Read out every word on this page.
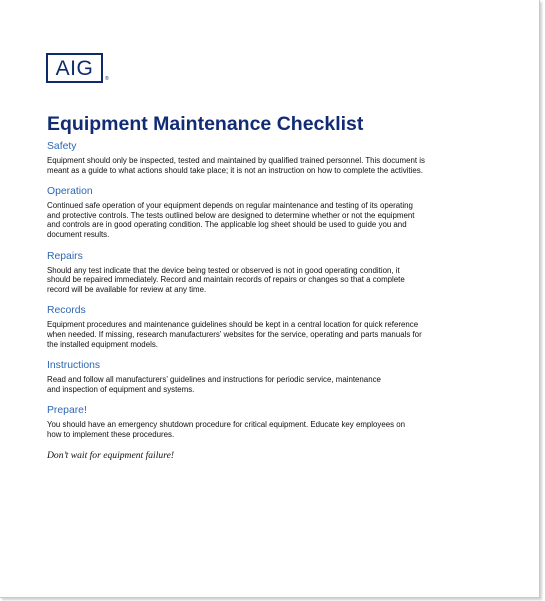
AIG ®
Equipment Maintenance Checklist
Safety
Equipment should only be inspected, tested and maintained by qualified trained personnel. This document is
meant as a guide to what actions should take place; it is not an instruction on how to complete the activities.
Operation
Continued safe operation of your equipment depends on regular maintenance and testing of its operating
and protective controls. The tests outlined below are designed to determine whether or not the equipment
and controls are in good operating condition. The applicable log sheet should be used to guide you and
document results.
Repairs
Should any test indicate that the device being tested or observed is not in good operating condition, it
should be repaired immediately. Record and maintain records of repairs or changes so that a complete
record will be available for review at any time.
Records
Equipment procedures and maintenance guidelines should be kept in a central location for quick reference
when needed. If missing, research manufacturers’ websites for the service, operating and parts manuals for
the installed equipment models.
Instructions
Read and follow all manufacturers’ guidelines and instructions for periodic service, maintenance
and inspection of equipment and systems.
Prepare!
You should have an emergency shutdown procedure for critical equipment. Educate key employees on
how to implement these procedures.
Don’t wait for equipment failure!
